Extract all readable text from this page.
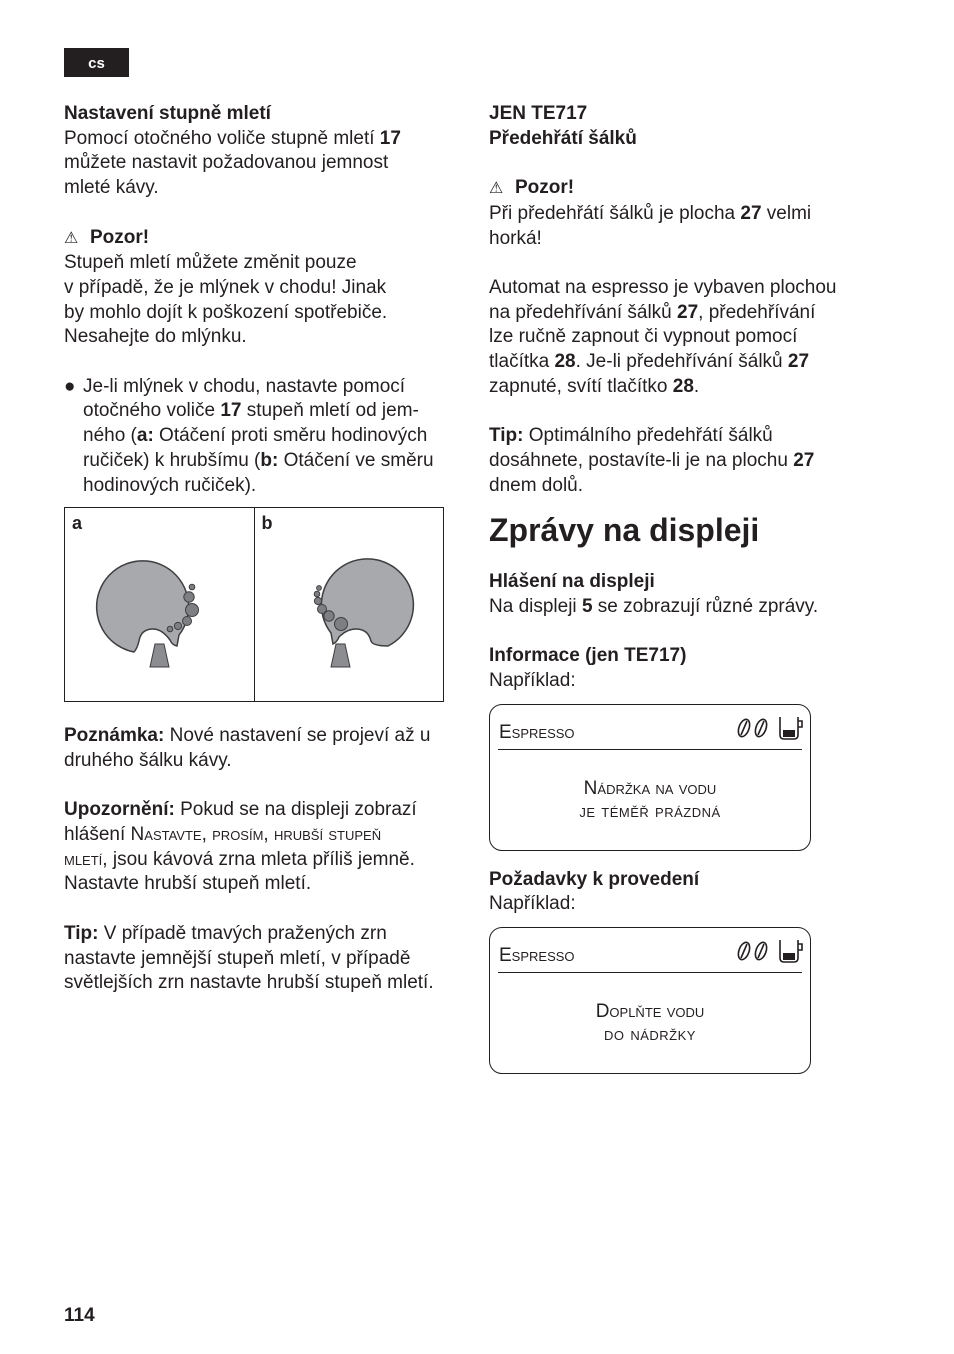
cs

Nastavení stupně mletí

Pomocí otočného voliče stupně mletí 17

můžete nastavit požadovanou jemnost

mleté kávy.

⚠ Pozor!

Stupeň mletí můžete změnit pouze

v případě, že je mlýnek v chodu! Jinak

by mohlo dojít k poškození spotřebiče.

Nesahejte do mlýnku.

● Je-li mlýnek v chodu, nastavte pomocí

otočného voliče 17 stupeň mletí od jem-

ného (a: Otáčení proti směru hodinových

ručiček) k hrubšímu (b: Otáčení ve směru

hodinových ručiček).

a	b

Poznámka: Nové nastavení se projeví až u

druhého šálku kávy.

Upozornění: Pokud se na displeji zobrazí

hlášení Nastavte, prosím, hrubší stupeň

mletí, jsou kávová zrna mleta příliš jemně.

Nastavte hrubší stupeň mletí.

Tip: V případě tmavých pražených zrn

nastavte jemnější stupeň mletí, v případě

světlejších zrn nastavte hrubší stupeň mletí.

JEN TE717

Předehřátí šálků

⚠ Pozor!

Při předehřátí šálků je plocha 27 velmi

horká!

Automat na espresso je vybaven plochou

na předehřívání šálků 27, předehřívání

lze ručně zapnout či vypnout pomocí

tlačítka 28. Je-li předehřívání šálků 27

zapnuté, svítí tlačítko 28.

Tip: Optimálního předehřátí šálků

dosáhnete, postavíte-li je na plochu 27

dnem dolů.

Zprávy na displeji

Hlášení na displeji

Na displeji 5 se zobrazují různé zprávy.

Informace (jen TE717)

Například:

Espresso
Nádržka na vodu
je téměř prázdná

Požadavky k provedení

Například:

Espresso
Doplňte vodu
do nádržky
114
